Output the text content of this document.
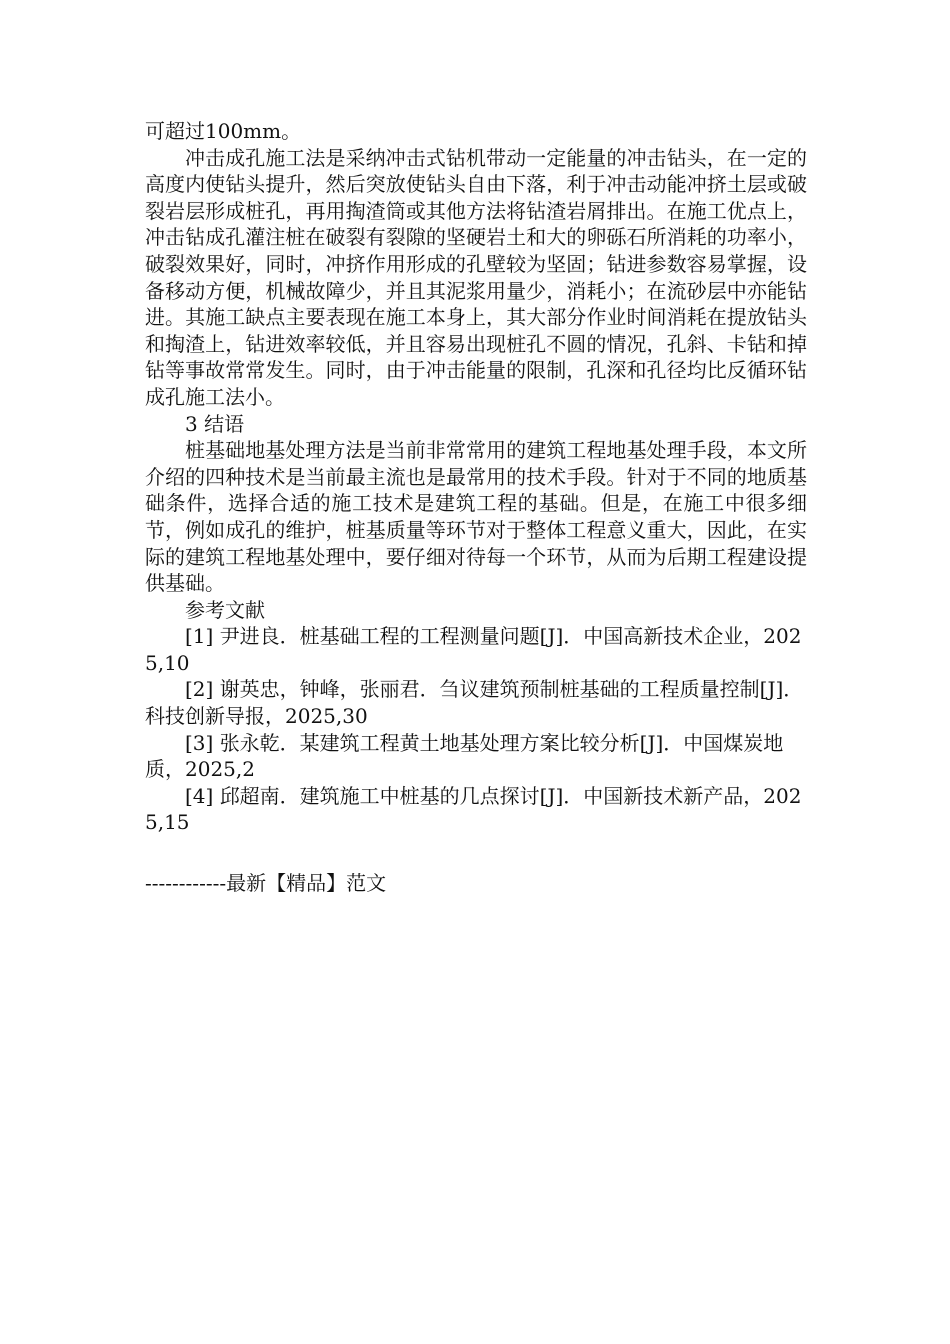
可超过100mm。

冲击成孔施工法是采纳冲击式钻机带动一定能量的冲击钻头，在一定的高度内使钻头提升，然后突放使钻头自由下落，利于冲击动能冲挤土层或破裂岩层形成桩孔，再用掏渣筒或其他方法将钻渣岩屑排出。在施工优点上，冲击钻成孔灌注桩在破裂有裂隙的坚硬岩土和大的卵砾石所消耗的功率小，破裂效果好，同时，冲挤作用形成的孔壁较为坚固；钻进参数容易掌握，设备移动方便，机械故障少，并且其泥浆用量少，消耗小；在流砂层中亦能钻进。其施工缺点主要表现在施工本身上，其大部分作业时间消耗在提放钻头和掏渣上，钻进效率较低，并且容易出现桩孔不圆的情况，孔斜、卡钻和掉钻等事故常常发生。同时，由于冲击能量的限制，孔深和孔径均比反循环钻成孔施工法小。

3 结语

桩基础地基处理方法是当前非常常用的建筑工程地基处理手段，本文所介绍的四种技术是当前最主流也是最常用的技术手段。针对于不同的地质基础条件，选择合适的施工技术是建筑工程的基础。但是，在施工中很多细节，例如成孔的维护，桩基质量等环节对于整体工程意义重大，因此，在实际的建筑工程地基处理中，要仔细对待每一个环节，从而为后期工程建设提供基础。

参考文献

[1] 尹进良．桩基础工程的工程测量问题[J]．中国高新技术企业，2025,10

[2] 谢英忠，钟峰，张丽君．刍议建筑预制桩基础的工程质量控制[J]．科技创新导报，2025,30

[3] 张永乾．某建筑工程黄土地基处理方案比较分析[J]．中国煤炭地质，2025,2

[4] 邱超南．建筑施工中桩基的几点探讨[J]．中国新技术新产品，2025,15

------------最新【精品】范文
